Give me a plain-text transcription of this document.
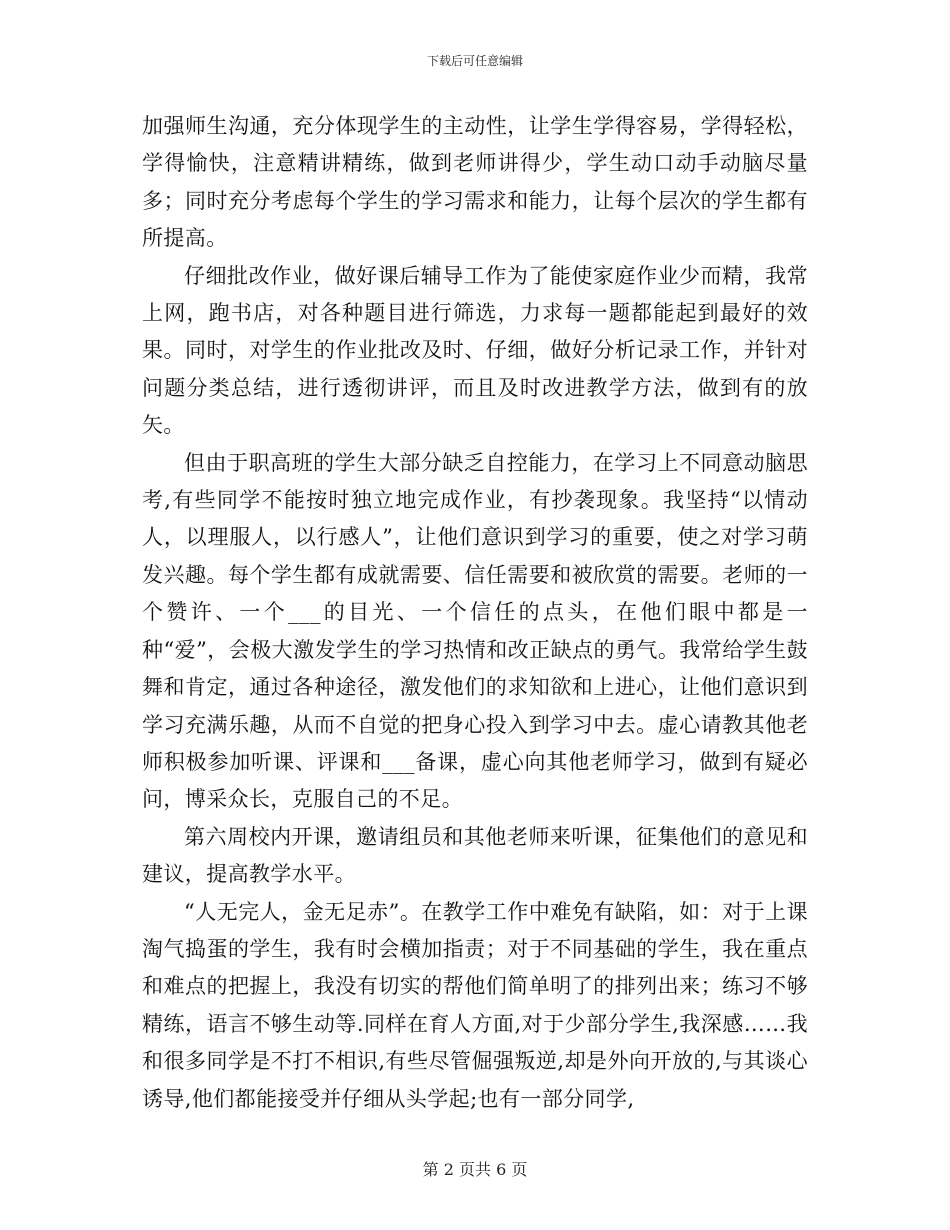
下载后可任意编辑

加强师生沟通，充分体现学生的主动性，让学生学得容易，学得轻松，学得愉快，注意精讲精练，做到老师讲得少，学生动口动手动脑尽量多；同时充分考虑每个学生的学习需求和能力，让每个层次的学生都有所提高。

仔细批改作业，做好课后辅导工作为了能使家庭作业少而精，我常上网，跑书店，对各种题目进行筛选，力求每一题都能起到最好的效果。同时，对学生的作业批改及时、仔细，做好分析记录工作，并针对问题分类总结，进行透彻讲评，而且及时改进教学方法，做到有的放矢。

但由于职高班的学生大部分缺乏自控能力，在学习上不同意动脑思考,有些同学不能按时独立地完成作业，有抄袭现象。我坚持“以情动人，以理服人，以行感人”，让他们意识到学习的重要，使之对学习萌发兴趣。每个学生都有成就需要、信任需要和被欣赏的需要。老师的一个赞许、一个___的目光、一个信任的点头，在他们眼中都是一种“爱”，会极大激发学生的学习热情和改正缺点的勇气。我常给学生鼓舞和肯定，通过各种途径，激发他们的求知欲和上进心，让他们意识到学习充满乐趣，从而不自觉的把身心投入到学习中去。虚心请教其他老师积极参加听课、评课和___备课，虚心向其他老师学习，做到有疑必问，博采众长，克服自己的不足。

第六周校内开课，邀请组员和其他老师来听课，征集他们的意见和建议，提高教学水平。

“人无完人，金无足赤”。在教学工作中难免有缺陷，如：对于上课淘气捣蛋的学生，我有时会横加指责；对于不同基础的学生，我在重点和难点的把握上，我没有切实的帮他们简单明了的排列出来；练习不够精练，语言不够生动等.同样在育人方面,对于少部分学生,我深感……我和很多同学是不打不相识,有些尽管倔强叛逆,却是外向开放的,与其谈心诱导,他们都能接受并仔细从头学起;也有一部分同学,

第 2 页共 6 页
